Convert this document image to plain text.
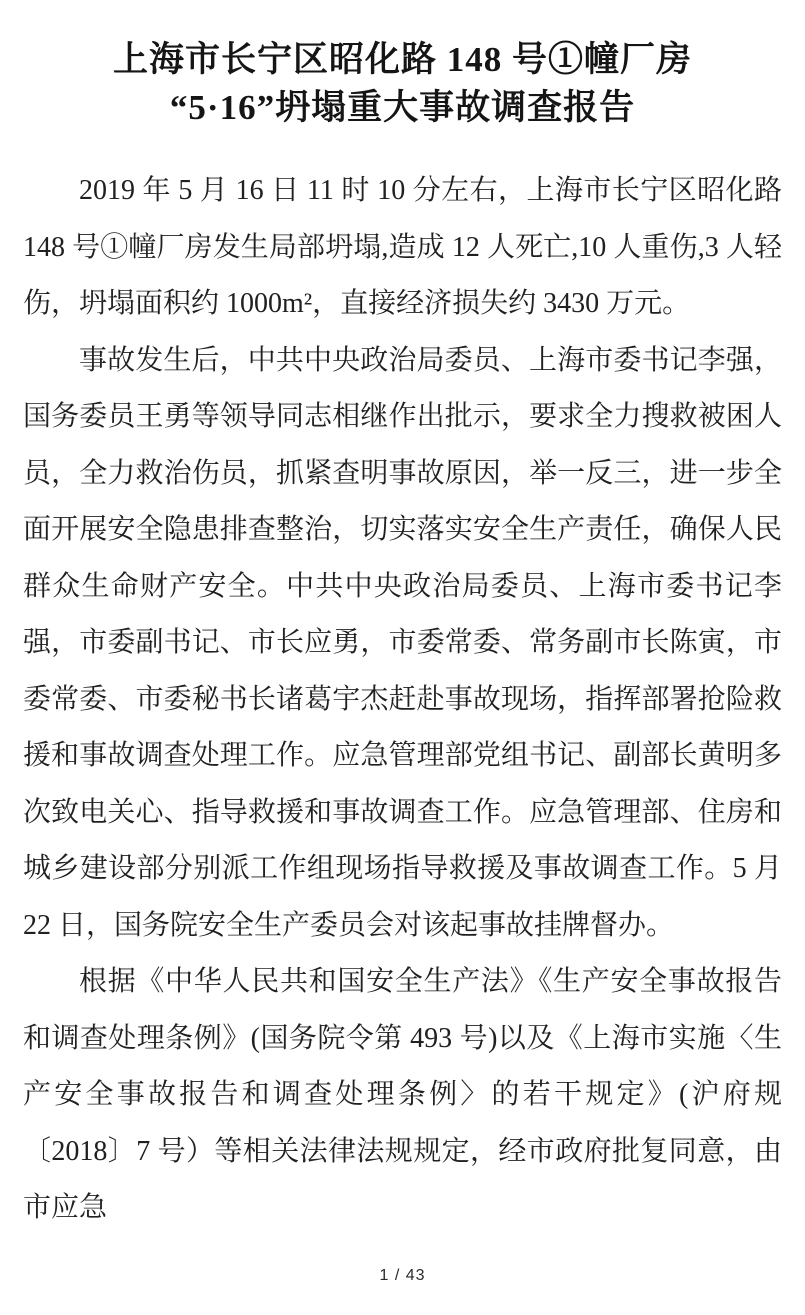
上海市长宁区昭化路 148 号①幢厂房
“5·16”坍塌重大事故调查报告

2019 年 5 月 16 日 11 时 10 分左右，上海市长宁区昭化路 148 号①幢厂房发生局部坍塌,造成 12 人死亡,10 人重伤,3 人轻伤，坍塌面积约 1000m²，直接经济损失约 3430 万元。

事故发生后，中共中央政治局委员、上海市委书记李强，国务委员王勇等领导同志相继作出批示，要求全力搜救被困人员，全力救治伤员，抓紧查明事故原因，举一反三，进一步全面开展安全隐患排查整治，切实落实安全生产责任，确保人民群众生命财产安全。中共中央政治局委员、上海市委书记李强，市委副书记、市长应勇，市委常委、常务副市长陈寅，市委常委、市委秘书长诸葛宇杰赶赴事故现场，指挥部署抢险救援和事故调查处理工作。应急管理部党组书记、副部长黄明多次致电关心、指导救援和事故调查工作。应急管理部、住房和城乡建设部分别派工作组现场指导救援及事故调查工作。5 月 22 日，国务院安全生产委员会对该起事故挂牌督办。

根据《中华人民共和国安全生产法》《生产安全事故报告和调查处理条例》(国务院令第 493 号)以及《上海市实施〈生产安全事故报告和调查处理条例〉的若干规定》(沪府规〔2018〕7 号）等相关法律法规规定，经市政府批复同意，由市应急

1 / 43
